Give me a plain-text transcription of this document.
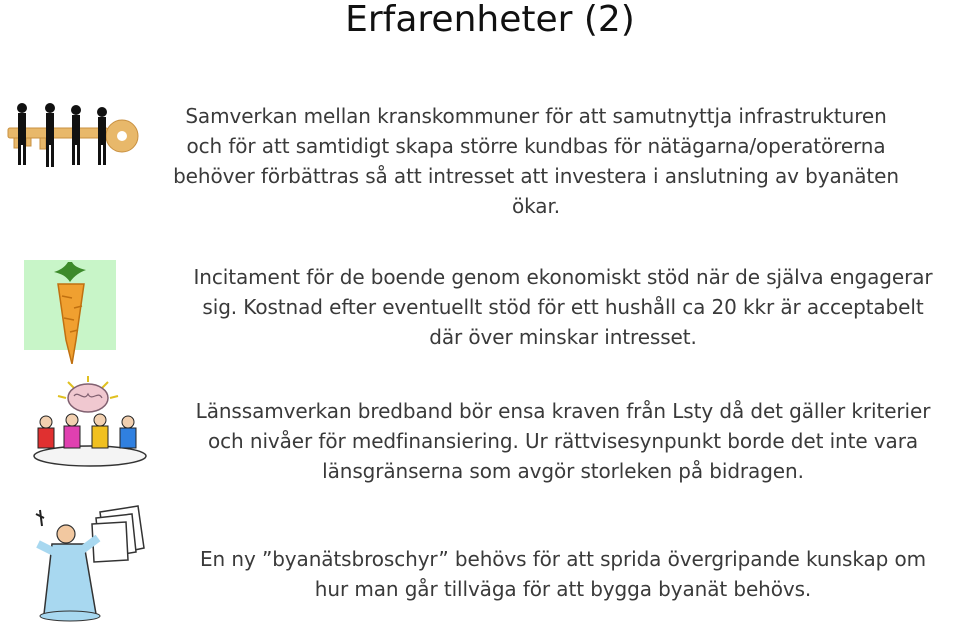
Erfarenheter (2)
Samverkan mellan kranskommuner för att samutnyttja infrastrukturen
och för att samtidigt skapa större kundbas för nätägarna/operatörerna
behöver förbättras så att intresset att investera i anslutning av byanäten
ökar.
Incitament för de boende genom ekonomiskt stöd när de själva engagerar
sig. Kostnad efter eventuellt stöd för ett hushåll ca 20 kkr är acceptabelt
där över minskar intresset.
Länssamverkan bredband bör ensa kraven från Lsty då det gäller kriterier
och nivåer för medfinansiering. Ur rättvisesynpunkt borde det inte vara
länsgränserna som avgör storleken på bidragen.
En ny ”byanätsbroschyr” behövs för att sprida övergripande kunskap om
hur man går tillväga för att bygga byanät behövs.
